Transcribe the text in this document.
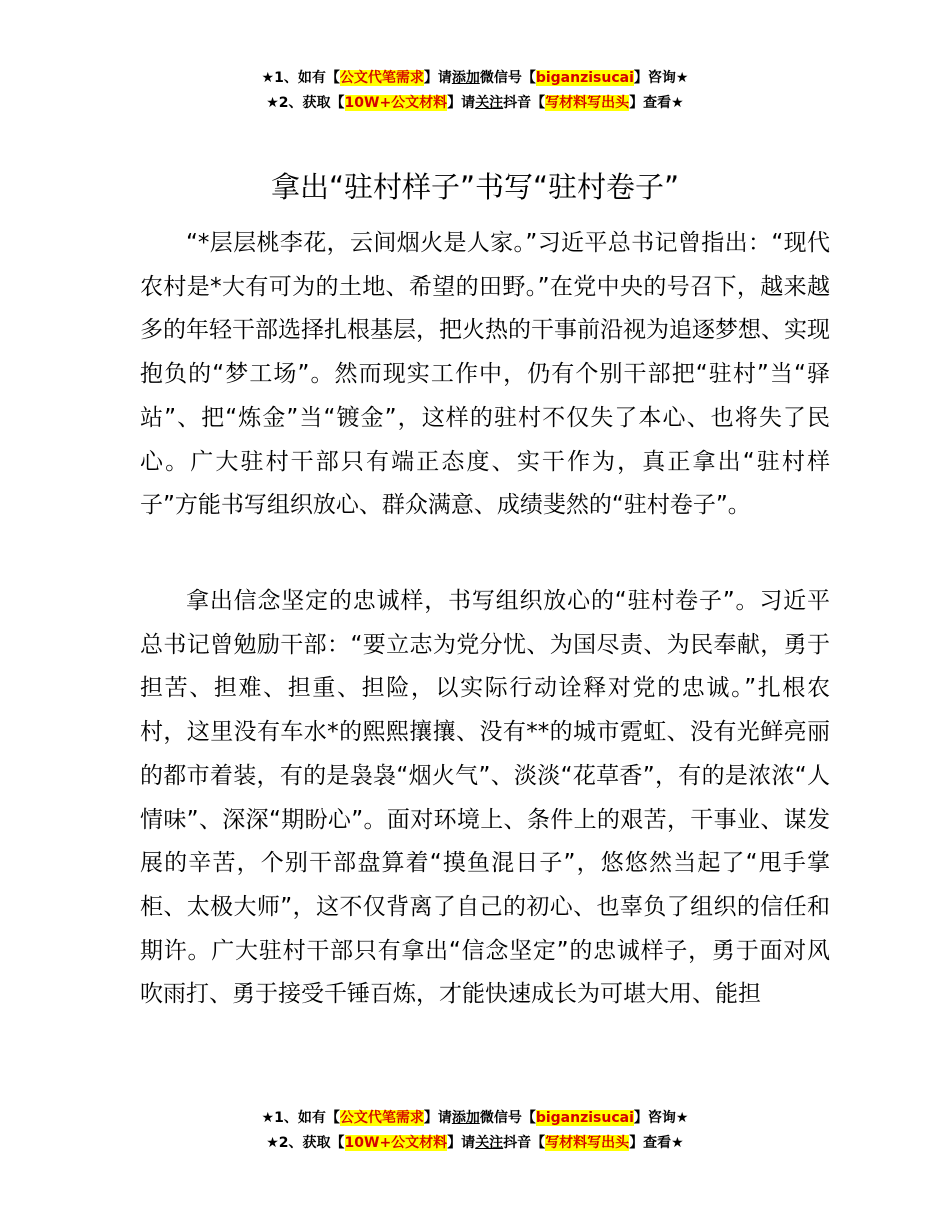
★1、如有【公文代笔需求】请添加微信号【biganzisucai】咨询★
★2、获取【10W+公文材料】请关注抖音【写材料写出头】查看★
拿出“驻村样子”书写“驻村卷子”

“*层层桃李花，云间烟火是人家。”习近平总书记曾指出：“现代农村是*大有可为的土地、希望的田野。”在党中央的号召下，越来越多的年轻干部选择扎根基层，把火热的干事前沿视为追逐梦想、实现抱负的“梦工场”。然而现实工作中，仍有个别干部把“驻村”当“驿站”、把“炼金”当“镀金”，这样的驻村不仅失了本心、也将失了民心。广大驻村干部只有端正态度、实干作为，真正拿出“驻村样子”方能书写组织放心、群众满意、成绩斐然的“驻村卷子”。

拿出信念坚定的忠诚样，书写组织放心的“驻村卷子”。习近平总书记曾勉励干部：“要立志为党分忧、为国尽责、为民奉献，勇于担苦、担难、担重、担险，以实际行动诠释对党的忠诚。”扎根农村，这里没有车水*的熙熙攘攘、没有**的城市霓虹、没有光鲜亮丽的都市着装，有的是袅袅“烟火气”、淡淡“花草香”，有的是浓浓“人情味”、深深“期盼心”。面对环境上、条件上的艰苦，干事业、谋发展的辛苦，个别干部盘算着“摸鱼混日子”，悠悠然当起了“甩手掌柜、太极大师”，这不仅背离了自己的初心、也辜负了组织的信任和期许。广大驻村干部只有拿出“信念坚定”的忠诚样子，勇于面对风吹雨打、勇于接受千锤百炼，才能快速成长为可堪大用、能担

★1、如有【公文代笔需求】请添加微信号【biganzisucai】咨询★
★2、获取【10W+公文材料】请关注抖音【写材料写出头】查看★
